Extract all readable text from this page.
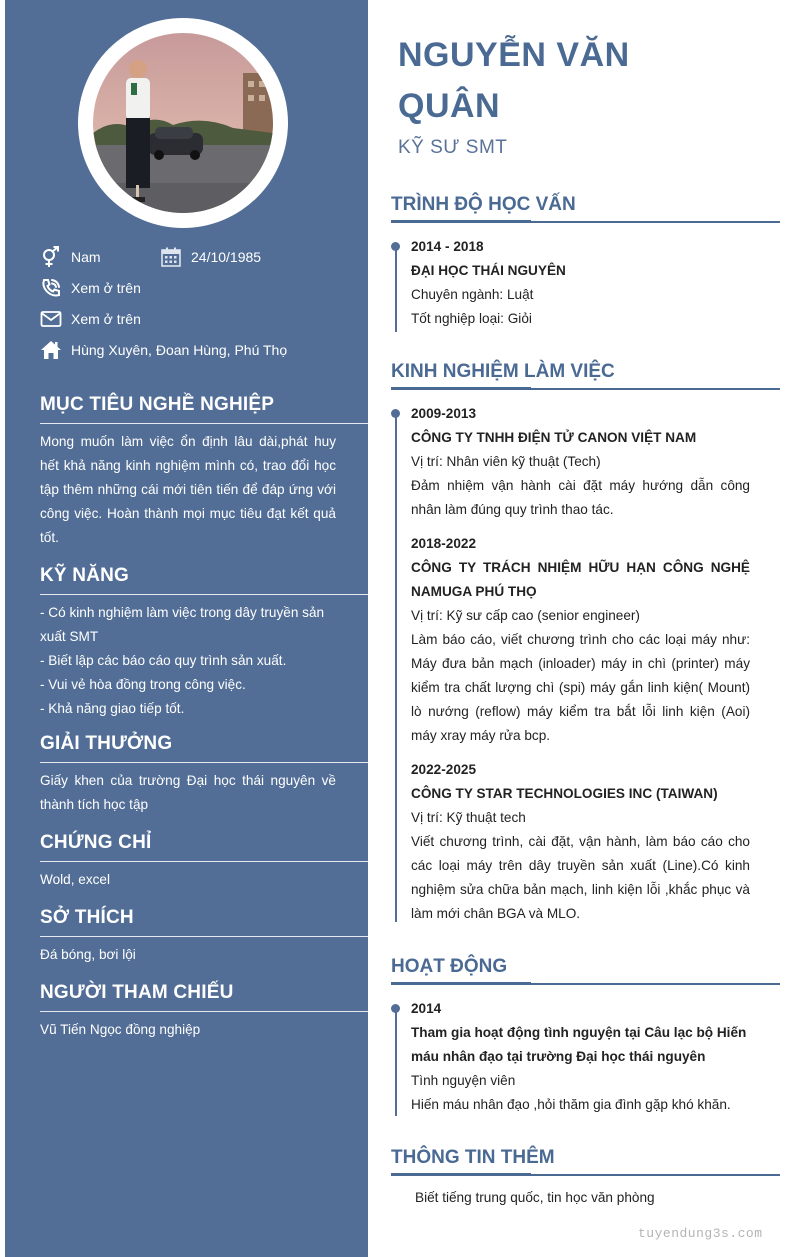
Nam	24/10/1985
Xem ở trên
Xem ở trên
Hùng Xuyên, Đoan Hùng, Phú Thọ
MỤC TIÊU NGHỀ NGHIỆP
Mong muốn làm việc ổn định lâu dài,phát huy hết khả năng kinh nghiệm mình có, trao đổi học tập thêm những cái mới tiên tiến để đáp ứng với công việc. Hoàn thành mọi mục tiêu đạt kết quả tốt.
KỸ NĂNG
- Có kinh nghiệm làm việc trong dây truyền sản xuất SMT
- Biết lập các báo cáo quy trình sản xuất.
- Vui vẻ hòa đồng trong công việc.
- Khả năng giao tiếp tốt.
GIẢI THƯỞNG
Giấy khen của trường Đại học thái nguyên về thành tích học tập
CHỨNG CHỈ
Wold, excel
SỞ THÍCH
Đá bóng, bơi lội
NGƯỜI THAM CHIẾU
Vũ Tiến Ngọc đồng nghiệp
NGUYỄN VĂN QUÂN
KỸ SƯ SMT
TRÌNH ĐỘ HỌC VẤN
2014 - 2018
ĐẠI HỌC THÁI NGUYÊN
Chuyên ngành: Luật
Tốt nghiệp loại: Giỏi
KINH NGHIỆM LÀM VIỆC
2009-2013
CÔNG TY TNHH ĐIỆN TỬ CANON VIỆT NAM
Vị trí: Nhân viên kỹ thuật (Tech)
Đảm nhiệm vận hành cài đặt máy hướng dẫn công nhân làm đúng quy trình thao tác.
2018-2022
CÔNG TY TRÁCH NHIỆM HỮU HẠN CÔNG NGHỆ NAMUGA PHÚ THỌ
Vị trí: Kỹ sư cấp cao (senior engineer)
Làm báo cáo, viết chương trình cho các loại máy như: Máy đưa bản mạch (inloader) máy in chì (printer) máy kiểm tra chất lượng chì (spi) máy gắn linh kiện( Mount) lò nướng (reflow) máy kiểm tra bắt lỗi linh kiện (Aoi) máy xray máy rửa bcp.
2022-2025
CÔNG TY STAR TECHNOLOGIES INC (TAIWAN)
Vị trí: Kỹ thuật tech
Viết chương trình, cài đặt, vận hành, làm báo cáo cho các loại máy trên dây truyền sản xuất (Line).Có kinh nghiệm sửa chữa bản mạch, linh kiện lỗi ,khắc phục và làm mới chân BGA và MLO.
HOẠT ĐỘNG
2014
Tham gia hoạt động tình nguyện tại Câu lạc bộ Hiến máu nhân đạo tại trường Đại học thái nguyên
Tình nguyện viên
Hiến máu nhân đạo ,hỏi thăm gia đình gặp khó khăn.
THÔNG TIN THÊM
Biết tiếng trung quốc, tin học văn phòng
tuyendung3s.com
